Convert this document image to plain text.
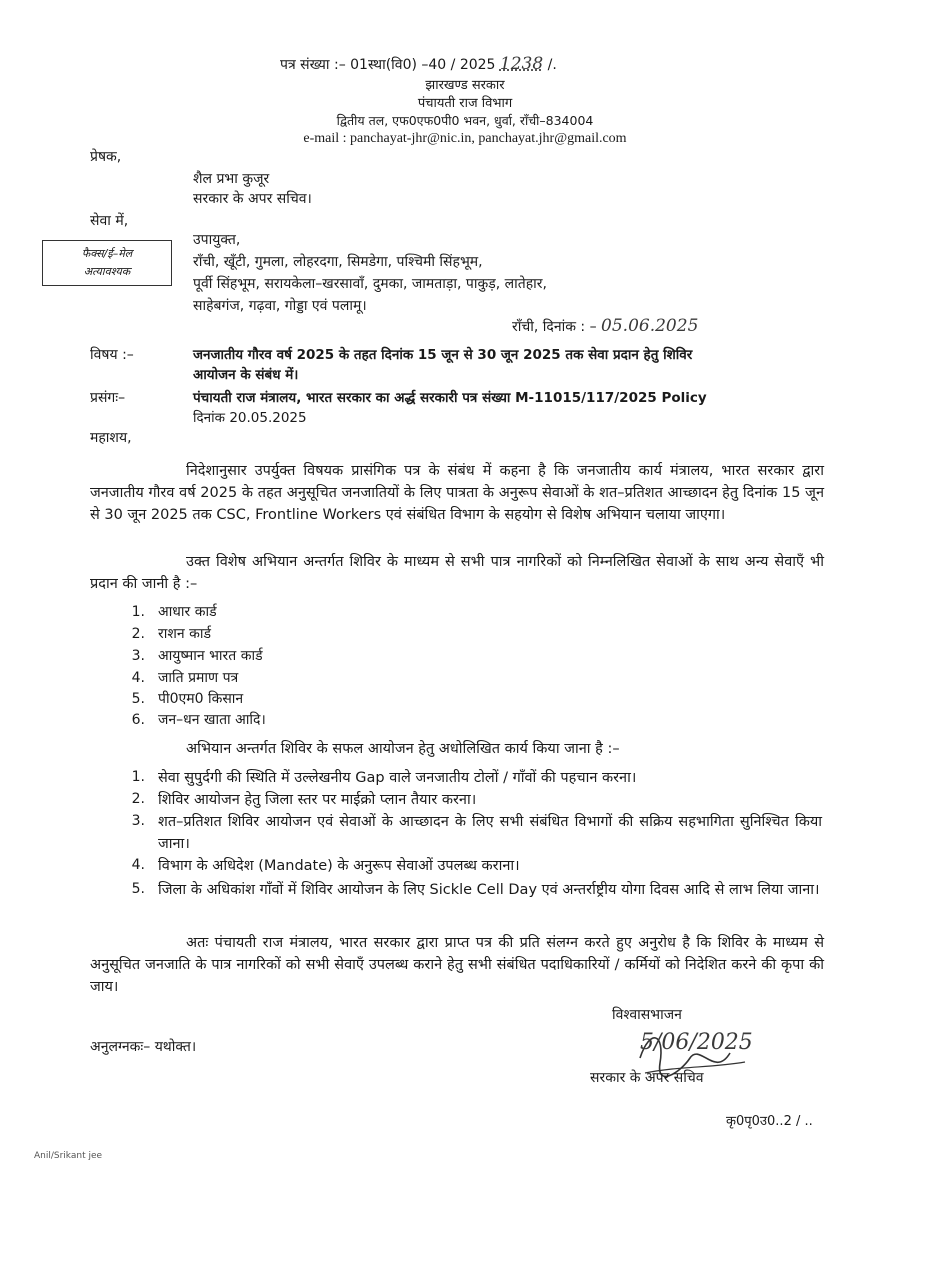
पत्र संख्या :– 01स्था(वि0) –40 / 2025 1238 /.
झारखण्ड सरकार
पंचायती राज विभाग
द्वितीय तल, एफ0एफ0पी0 भवन, धुर्वा, राँची–834004
e-mail : panchayat-jhr@nic.in, panchayat.jhr@gmail.com
प्रेषक,
शैल प्रभा कुजूर
सरकार के अपर सचिव।
सेवा में,
फैक्स/ई–मेल
अत्यावश्यक
उपायुक्त,
राँची, खूँटी, गुमला, लोहरदगा, सिमडेगा, पश्चिमी सिंहभूम,
पूर्वी सिंहभूम, सरायकेला–खरसावाँ, दुमका, जामताड़ा, पाकुड़, लातेहार,
साहेबगंज, गढ़वा, गोड्डा एवं पलामू।
राँची, दिनांक : – 05.06.2025
विषय :–	जनजातीय गौरव वर्ष 2025 के तहत दिनांक 15 जून से 30 जून 2025 तक सेवा प्रदान हेतु शिविर
आयोजन के संबंध में।
प्रसंगः–	पंचायती राज मंत्रालय, भारत सरकार का अर्द्ध सरकारी पत्र संख्या M-11015/117/2025 Policy
दिनांक 20.05.2025
महाशय,
निदेशानुसार उपर्युक्त विषयक प्रासंगिक पत्र के संबंध में कहना है कि जनजातीय कार्य मंत्रालय, भारत सरकार द्वारा जनजातीय गौरव वर्ष 2025 के तहत अनुसूचित जनजातियों के लिए पात्रता के अनुरूप सेवाओं के शत–प्रतिशत आच्छादन हेतु दिनांक 15 जून से 30 जून 2025 तक CSC, Frontline Workers एवं संबंधित विभाग के सहयोग से विशेष अभियान चलाया जाएगा।
उक्त विशेष अभियान अन्तर्गत शिविर के माध्यम से सभी पात्र नागरिकों को निम्नलिखित सेवाओं के साथ अन्य सेवाएँ भी प्रदान की जानी है :–
1. आधार कार्ड
2. राशन कार्ड
3. आयुष्मान भारत कार्ड
4. जाति प्रमाण पत्र
5. पी0एम0 किसान
6. जन–धन खाता आदि।
अभियान अन्तर्गत शिविर के सफल आयोजन हेतु अधोलिखित कार्य किया जाना है :–
1. सेवा सुपुर्दगी की स्थिति में उल्लेखनीय Gap वाले जनजातीय टोलों / गाँवों की पहचान करना।
2. शिविर आयोजन हेतु जिला स्तर पर माईक्रो प्लान तैयार करना।
3. शत–प्रतिशत शिविर आयोजन एवं सेवाओं के आच्छादन के लिए सभी संबंधित विभागों की सक्रिय सहभागिता सुनिश्चित किया जाना।
4. विभाग के अधिदेश (Mandate) के अनुरूप सेवाओं उपलब्ध कराना।
5. जिला के अधिकांश गाँवों में शिविर आयोजन के लिए Sickle Cell Day एवं अन्तर्राष्ट्रीय योगा दिवस आदि से लाभ लिया जाना।
अतः पंचायती राज मंत्रालय, भारत सरकार द्वारा प्राप्त पत्र की प्रति संलग्न करते हुए अनुरोध है कि शिविर के माध्यम से अनुसूचित जनजाति के पात्र नागरिकों को सभी सेवाएँ उपलब्ध कराने हेतु सभी संबंधित पदाधिकारियों / कर्मियों को निदेशित करने की कृपा की जाय।
विश्वासभाजन
अनुलग्नकः– यथोक्त।	5/06/2025
सरकार के अपर सचिव
कृ0पृ0उ0..2 / ..
Anil/Srikant jee
